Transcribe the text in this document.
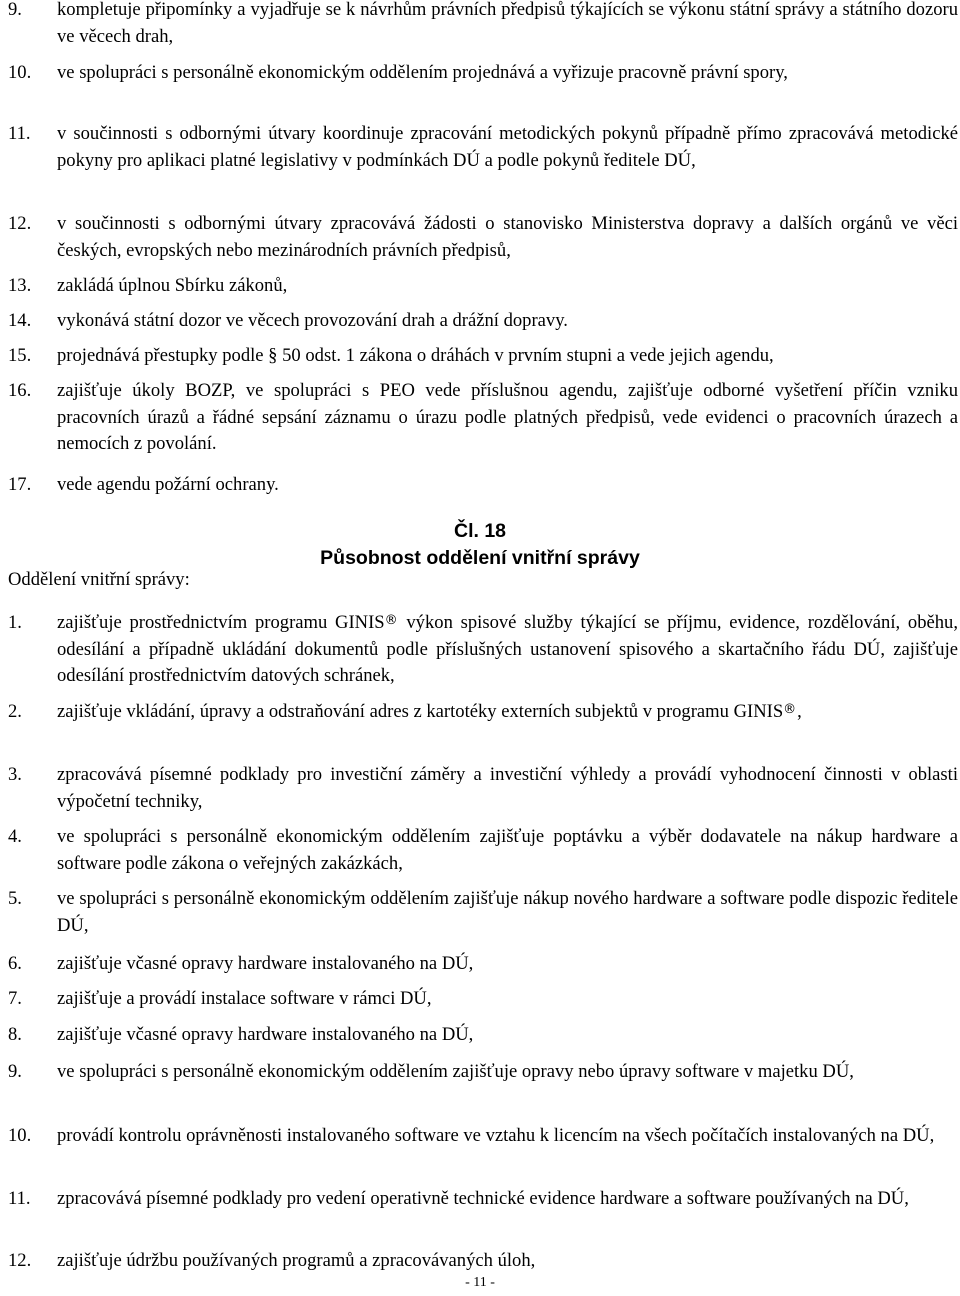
9. kompletuje připomínky a vyjadřuje se k návrhům právních předpisů týkajících se výkonu státní správy a státního dozoru ve věcech drah,
10. ve spolupráci s personálně ekonomickým oddělením projednává a vyřizuje pracovně právní spory,
11. v součinnosti s odbornými útvary koordinuje zpracování metodických pokynů případně přímo zpracovává metodické pokyny pro aplikaci platné legislativy v podmínkách DÚ a podle pokynů ředitele DÚ,
12. v součinnosti s odbornými útvary zpracovává žádosti o stanovisko Ministerstva dopravy a dalších orgánů ve věci českých, evropských nebo mezinárodních právních předpisů,
13. zakládá úplnou Sbírku zákonů,
14. vykonává státní dozor ve věcech provozování drah a drážní dopravy.
15. projednává přestupky podle § 50 odst. 1 zákona o dráhách v prvním stupni a vede jejich agendu,
16. zajišťuje úkoly BOZP, ve spolupráci s PEO vede příslušnou agendu, zajišťuje odborné vyšetření příčin vzniku pracovních úrazů a řádné sepsání záznamu o úrazu podle platných předpisů, vede evidenci o pracovních úrazech a nemocích z povolání.
17. vede agendu požární ochrany.
Čl. 18
Působnost oddělení vnitřní správy
Oddělení vnitřní správy:
1. zajišťuje prostřednictvím programu GINIS ® výkon spisové služby týkající se příjmu, evidence, rozdělování, oběhu, odesílání a případně ukládání dokumentů podle příslušných ustanovení spisového a skartačního řádu DÚ, zajišťuje odesílání prostřednictvím datových schránek,
2. zajišťuje vkládání, úpravy a odstraňování adres z kartotéky externích subjektů v programu GINIS ® ,
3. zpracovává písemné podklady pro investiční záměry a investiční výhledy a provádí vyhodnocení činnosti v oblasti výpočetní techniky,
4. ve spolupráci s personálně ekonomickým oddělením zajišťuje poptávku a výběr dodavatele na nákup hardware a software podle zákona o veřejných zakázkách,
5. ve spolupráci s personálně ekonomickým oddělením zajišťuje nákup nového hardware a software podle dispozic ředitele DÚ,
6. zajišťuje včasné opravy hardware instalovaného na DÚ,
7. zajišťuje a provádí instalace software v rámci DÚ,
8. zajišťuje včasné opravy hardware instalovaného na DÚ,
9. ve spolupráci s personálně ekonomickým oddělením zajišťuje opravy nebo úpravy software v majetku DÚ,
10. provádí kontrolu oprávněnosti instalovaného software ve vztahu k licencím na všech počítačích instalovaných na DÚ,
11. zpracovává písemné podklady pro vedení operativně technické evidence hardware a software používaných na DÚ,
12. zajišťuje údržbu používaných programů a zpracovávaných úloh,
- 11 -
